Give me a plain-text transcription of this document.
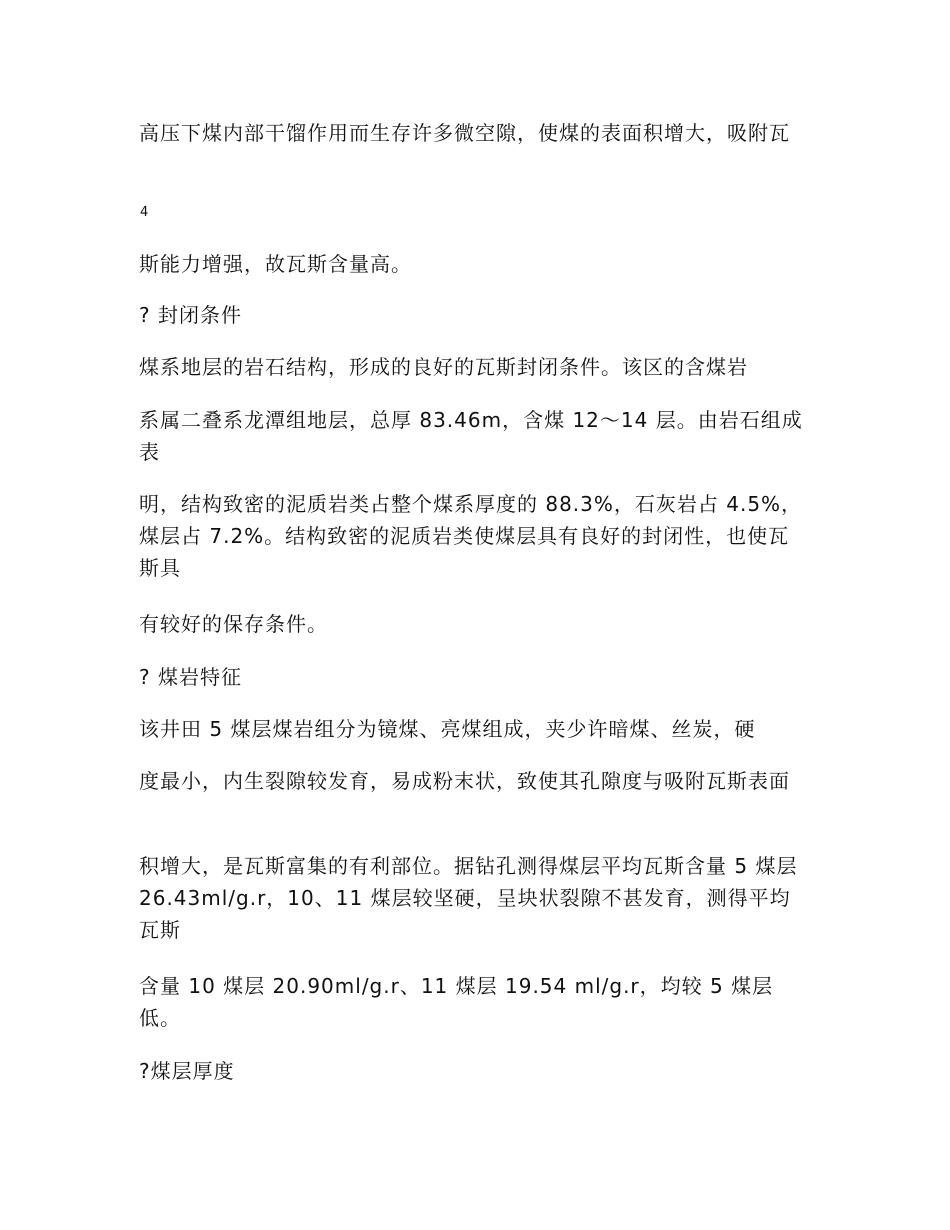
高压下煤内部干馏作用而生存许多微空隙，使煤的表面积增大，吸附瓦

4

斯能力增强，故瓦斯含量高。

? 封闭条件

煤系地层的岩石结构，形成的良好的瓦斯封闭条件。该区的含煤岩

系属二叠系龙潭组地层，总厚 83.46m，含煤 12～14 层。由岩石组成表

明，结构致密的泥质岩类占整个煤系厚度的 88.3%，石灰岩占 4.5%，煤层占 7.2%。结构致密的泥质岩类使煤层具有良好的封闭性，也使瓦斯具

有较好的保存条件。

? 煤岩特征

该井田 5 煤层煤岩组分为镜煤、亮煤组成，夹少许暗煤、丝炭，硬

度最小，内生裂隙较发育，易成粉末状，致使其孔隙度与吸附瓦斯表面

积增大，是瓦斯富集的有利部位。据钻孔测得煤层平均瓦斯含量 5 煤层 26.43ml/g.r，10、11 煤层较坚硬，呈块状裂隙不甚发育，测得平均瓦斯

含量 10 煤层 20.90ml/g.r、11 煤层 19.54 ml/g.r，均较 5 煤层低。

?煤层厚度
